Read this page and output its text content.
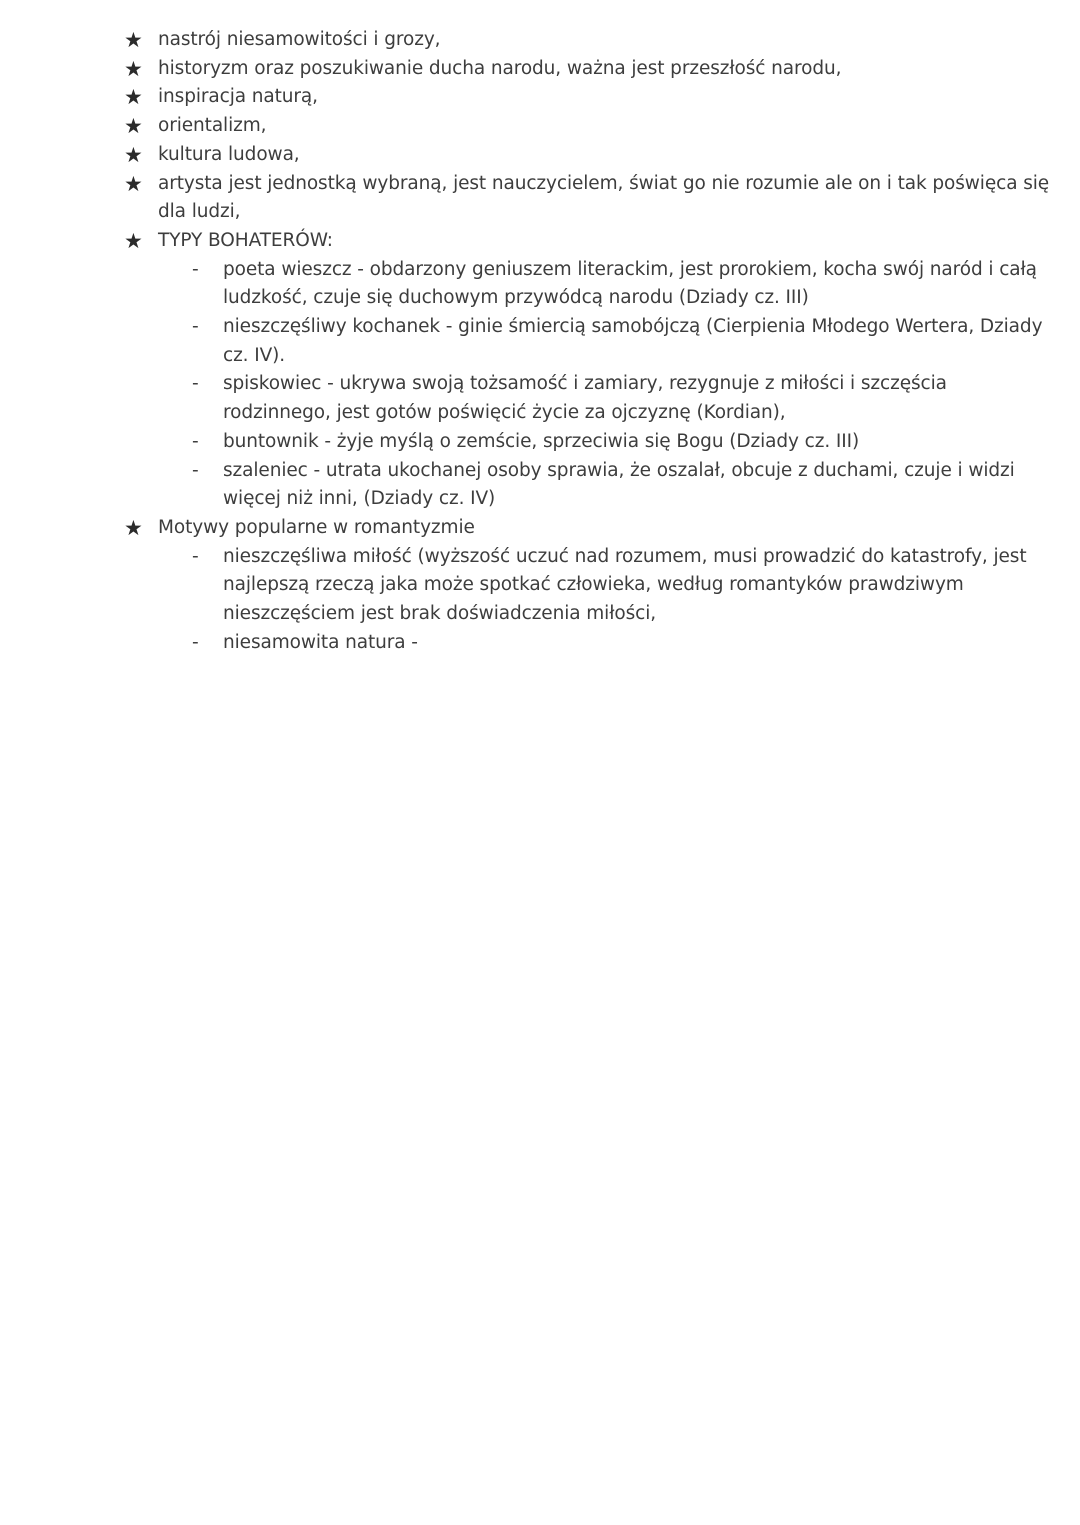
★ nastrój niesamowitości i grozy,
★ historyzm oraz poszukiwanie ducha narodu, ważna jest przeszłość narodu,
★ inspiracja naturą,
★ orientalizm,
★ kultura ludowa,
★ artysta jest jednostką wybraną, jest nauczycielem, świat go nie rozumie ale on i tak poświęca się dla ludzi,
★ TYPY BOHATERÓW:
- poeta wieszcz - obdarzony geniuszem literackim, jest prorokiem, kocha swój naród i całą ludzkość, czuje się duchowym przywódcą narodu (Dziady cz. III)
- nieszczęśliwy kochanek - ginie śmiercią samobójczą (Cierpienia Młodego Wertera, Dziady cz. IV).
- spiskowiec - ukrywa swoją tożsamość i zamiary, rezygnuje z miłości i szczęścia rodzinnego, jest gotów poświęcić życie za ojczyznę (Kordian),
- buntownik - żyje myślą o zemście, sprzeciwia się Bogu (Dziady cz. III)
- szaleniec - utrata ukochanej osoby sprawia, że oszalał, obcuje z duchami, czuje i widzi więcej niż inni, (Dziady cz. IV)
★ Motywy popularne w romantyzmie
- nieszczęśliwa miłość (wyższość uczuć nad rozumem, musi prowadzić do katastrofy, jest najlepszą rzeczą jaka może spotkać człowieka, według romantyków prawdziwym nieszczęściem jest brak doświadczenia miłości,
- niesamowita natura -
